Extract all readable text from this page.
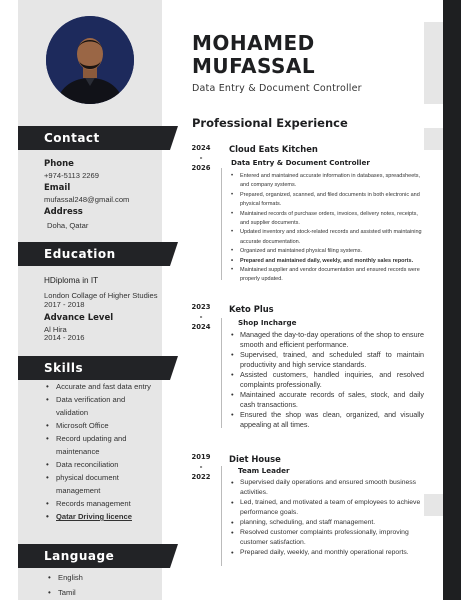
Contact
Phone
+974-5113 2269
Email
mufassal248@gmail.com
Address
Doha, Qatar
Education
HDiploma in IT
London Collage of Higher Studies
2017 - 2018
Advance Level
Al Hira
2014 - 2016
Skills
• Accurate and fast data entry
• Data verification and validation
• Microsoft Office
• Record updating and maintenance
• Data reconciliation
• physical document management
• Records management
• Qatar Driving licence
Language
• English
• Tamil
MOHAMED
MUFASSAL
Data Entry & Document Controller
Professional Experience
2024
-
2026
Cloud Eats Kitchen
Data Entry & Document Controller
• Entered and maintained accurate information in databases, spreadsheets, and company systems.
• Prepared, organized, scanned, and filed documents in both electronic and physical formats.
• Maintained records of purchase orders, invoices, delivery notes, receipts, and supplier documents.
• Updated inventory and stock-related records and assisted with maintaining accurate documentation.
• Organized and maintained physical filing systems.
• Prepared and maintained daily, weekly, and monthly sales reports.
• Maintained supplier and vendor documentation and ensured records were properly updated.
2023
-
2024
Keto Plus
Shop Incharge
• Managed the day-to-day operations of the shop to ensure smooth and efficient performance.
• Supervised, trained, and scheduled staff to maintain productivity and high service standards.
• Assisted customers, handled inquiries, and resolved complaints professionally.
• Maintained accurate records of sales, stock, and daily cash transactions.
• Ensured the shop was clean, organized, and visually appealing at all times.
2019
-
2022
Diet House
Team Leader
• Supervised daily operations and ensured smooth business activities.
• Led, trained, and motivated a team of employees to achieve performance goals.
• planning, scheduling, and staff management.
• Resolved customer complaints professionally, improving customer satisfaction.
• Prepared daily, weekly, and monthly operational reports.
